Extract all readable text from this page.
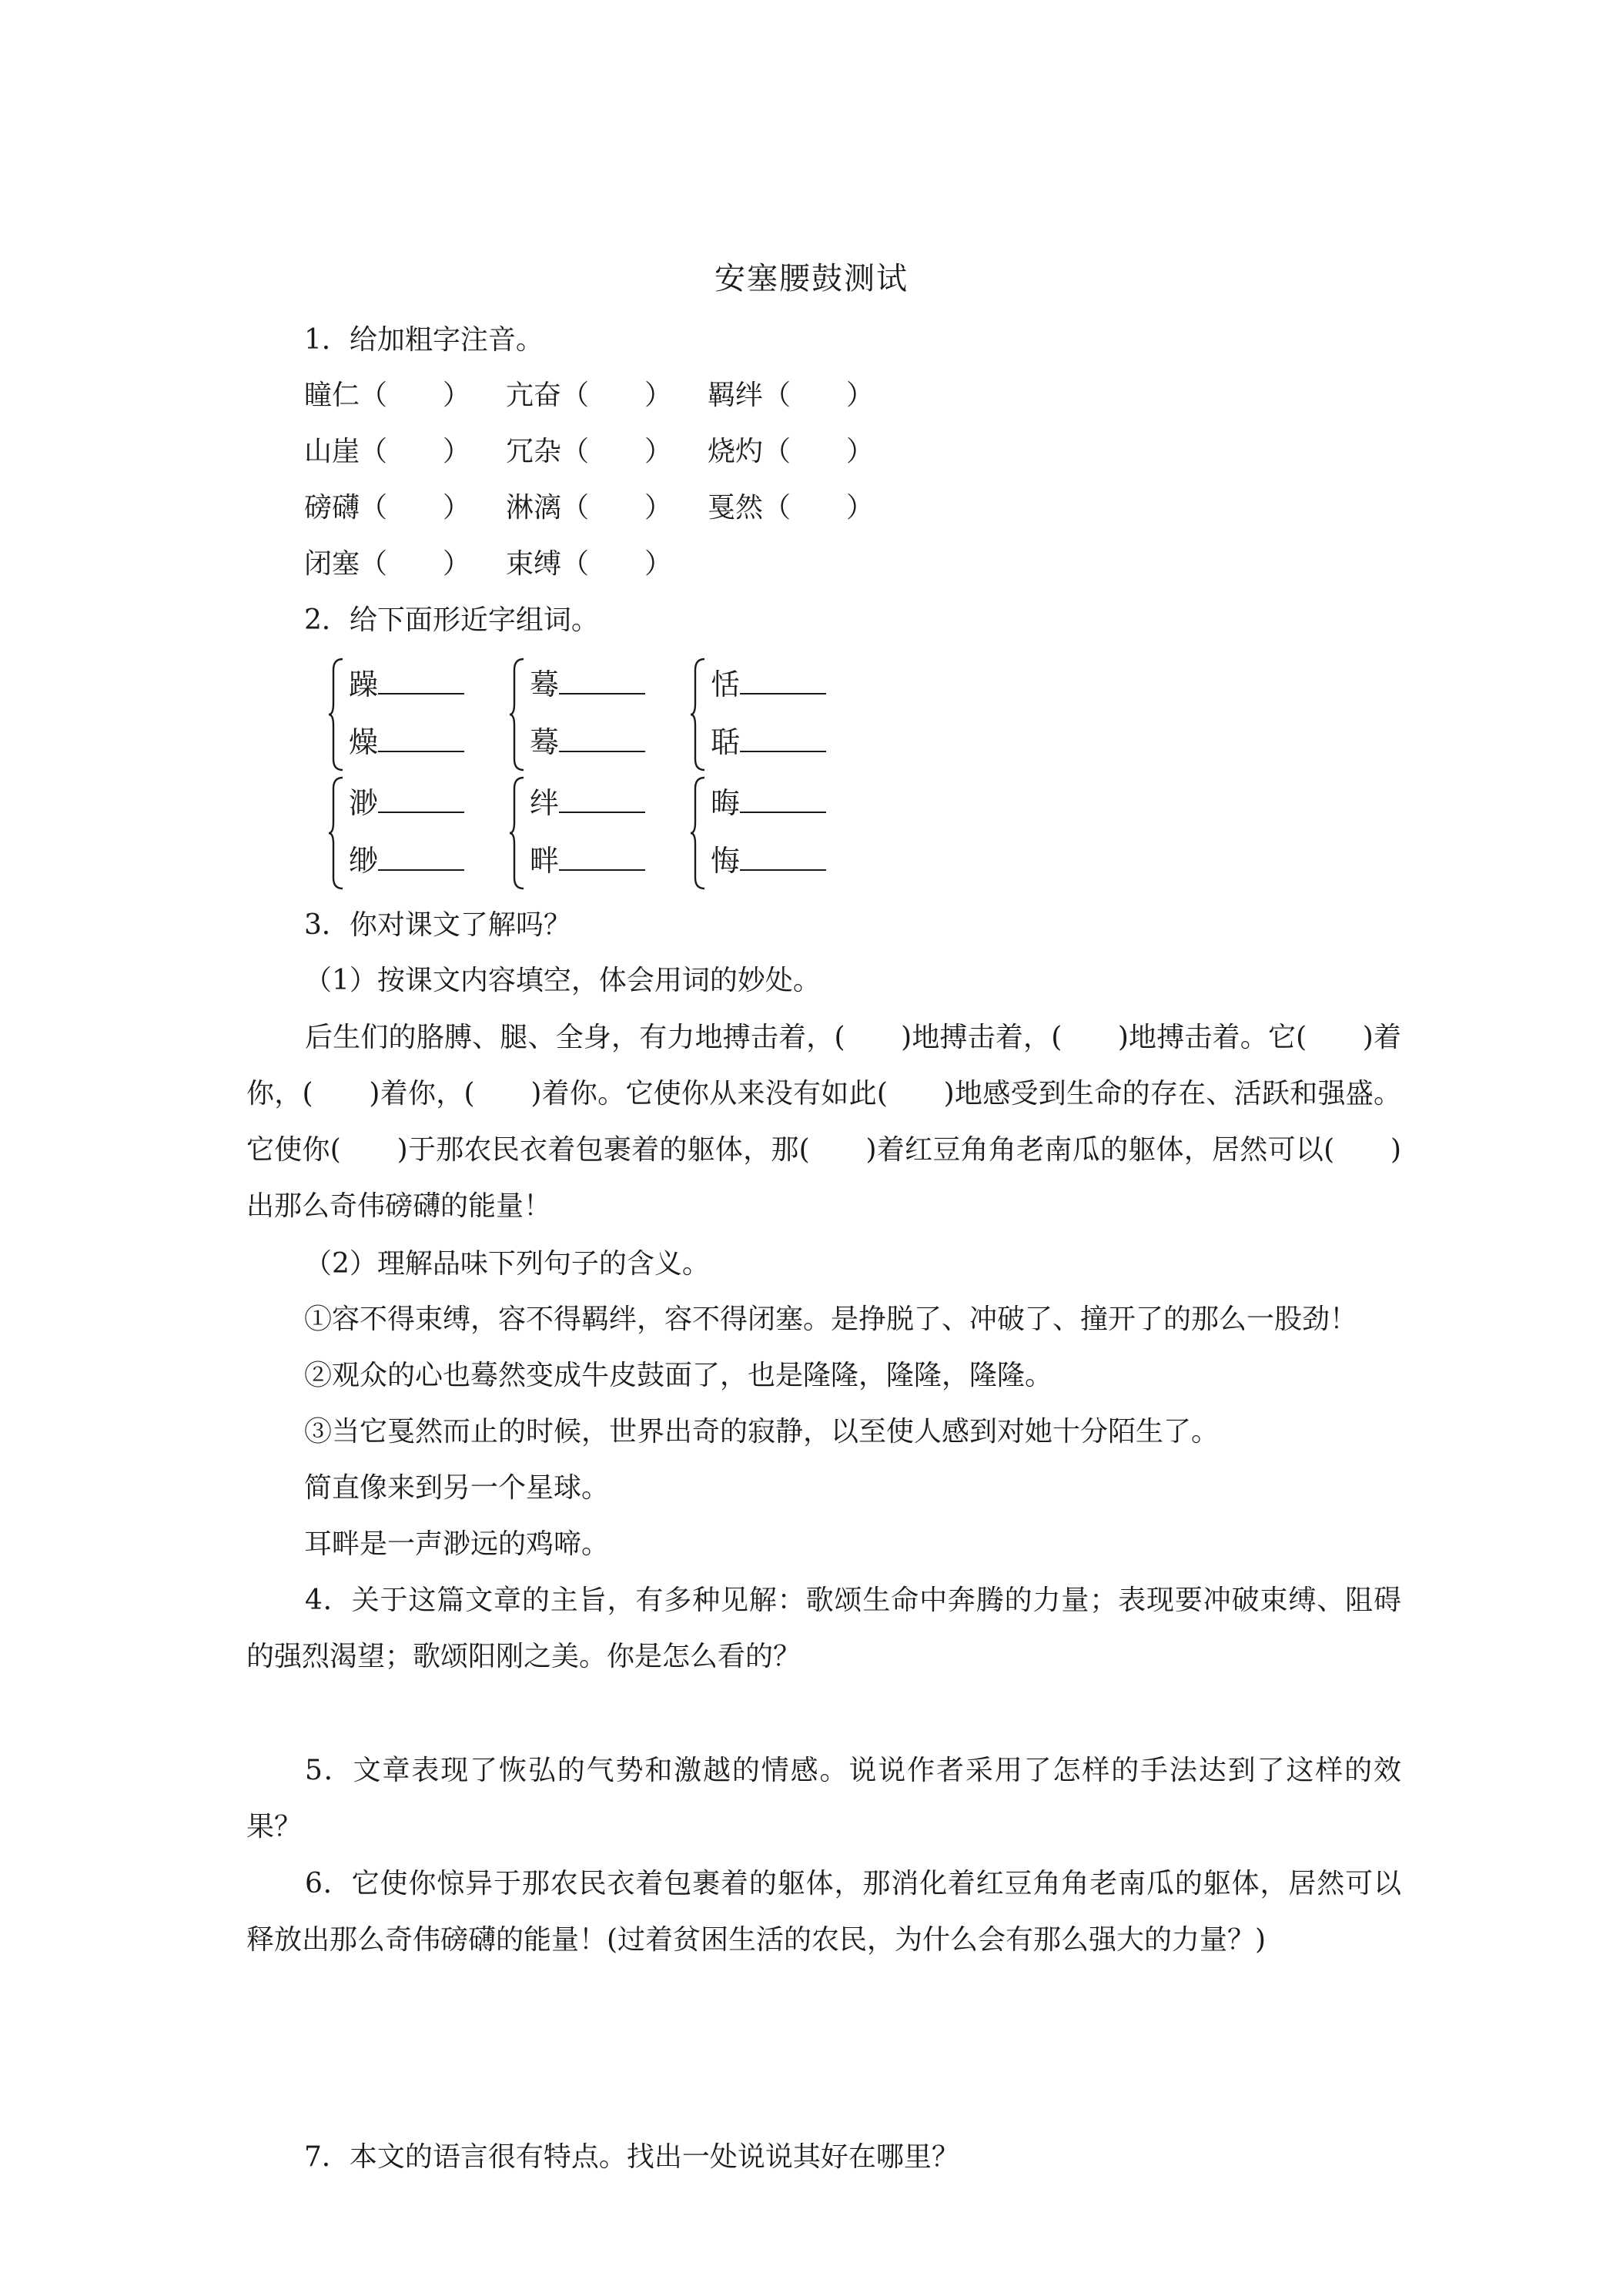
安塞腰鼓测试
1．给加粗字注音。
瞳仁（　　） 亢奋（　　） 羁绊（　　）
山崖（　　） 冗杂（　　） 烧灼（　　）
磅礴（　　） 淋漓（　　） 戛然（　　）
闭塞（　　） 束缚（　　）
2．给下面形近字组词。
躁
燥
蓦
蓦
恬
聒
渺
缈
绊
畔
晦
悔
3．你对课文了解吗？
（1）按课文内容填空，体会用词的妙处。
后生们的胳膊、腿、全身，有力地搏击着，(　　)地搏击着，(　　)地搏击着。它(　　)着你，(　　)着你，(　　)着你。它使你从来没有如此(　　)地感受到生命的存在、活跃和强盛。它使你(　　)于那农民衣着包裹着的躯体，那(　　)着红豆角角老南瓜的躯体，居然可以(　　)出那么奇伟磅礴的能量！
（2）理解品味下列句子的含义。
①容不得束缚，容不得羁绊，容不得闭塞。是挣脱了、冲破了、撞开了的那么一股劲！
②观众的心也蓦然变成牛皮鼓面了，也是隆隆，隆隆，隆隆。
③当它戛然而止的时候，世界出奇的寂静，以至使人感到对她十分陌生了。
简直像来到另一个星球。
耳畔是一声渺远的鸡啼。
4．关于这篇文章的主旨，有多种见解：歌颂生命中奔腾的力量；表现要冲破束缚、阻碍的强烈渴望；歌颂阳刚之美。你是怎么看的？
5．文章表现了恢弘的气势和激越的情感。说说作者采用了怎样的手法达到了这样的效果？
6．它使你惊异于那农民衣着包裹着的躯体，那消化着红豆角角老南瓜的躯体，居然可以释放出那么奇伟磅礴的能量！(过着贫困生活的农民，为什么会有那么强大的力量？)
7．本文的语言很有特点。找出一处说说其好在哪里？
